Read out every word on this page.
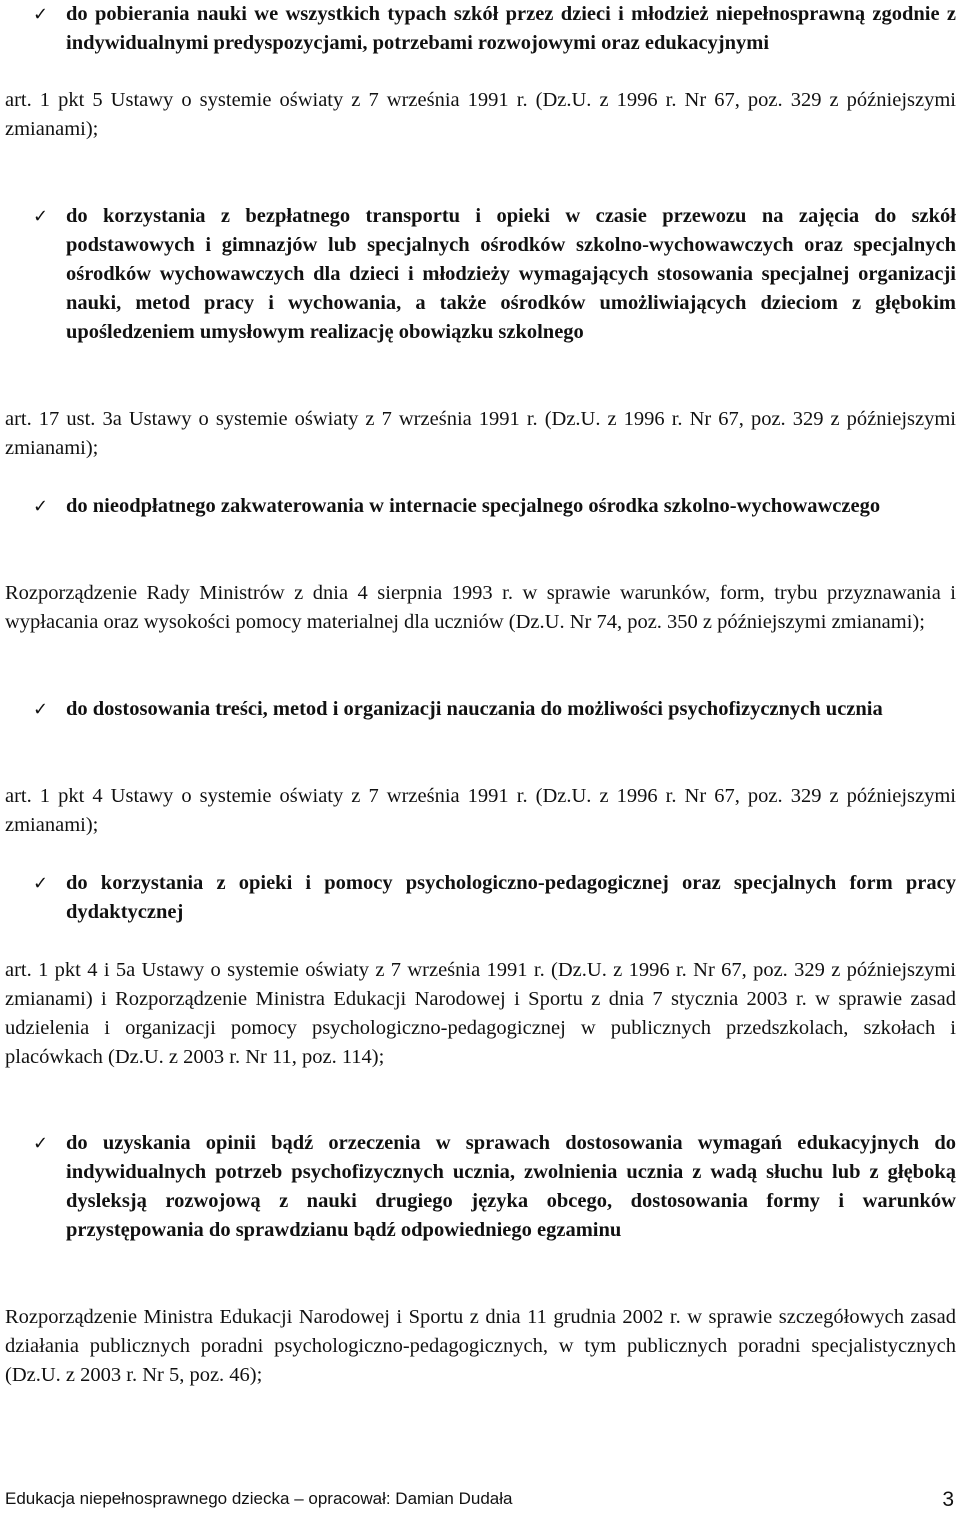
✓ do pobierania nauki we wszystkich typach szkół przez dzieci i młodzież niepełnosprawną zgodnie z indywidualnymi predyspozycjami, potrzebami rozwojowymi oraz edukacyjnymi
art. 1 pkt 5 Ustawy o systemie oświaty z 7 września 1991 r. (Dz.U. z 1996 r. Nr 67, poz. 329 z późniejszymi zmianami);
✓ do korzystania z bezpłatnego transportu i opieki w czasie przewozu na zajęcia do szkół podstawowych i gimnazjów lub specjalnych ośrodków szkolno-wychowawczych oraz specjalnych ośrodków wychowawczych dla dzieci i młodzieży wymagających stosowania specjalnej organizacji nauki, metod pracy i wychowania, a także ośrodków umożliwiających dzieciom z głębokim upośledzeniem umysłowym realizację obowiązku szkolnego
art. 17 ust. 3a Ustawy o systemie oświaty z 7 września 1991 r. (Dz.U. z 1996 r. Nr 67, poz. 329 z późniejszymi zmianami);
✓ do nieodpłatnego zakwaterowania w internacie specjalnego ośrodka szkolno-wychowawczego
Rozporządzenie Rady Ministrów z dnia 4 sierpnia 1993 r. w sprawie warunków, form, trybu przyznawania i wypłacania oraz wysokości pomocy materialnej dla uczniów (Dz.U. Nr 74, poz. 350 z późniejszymi zmianami);
✓ do dostosowania treści, metod i organizacji nauczania do możliwości psychofizycznych ucznia
art. 1 pkt 4 Ustawy o systemie oświaty z 7 września 1991 r. (Dz.U. z 1996 r. Nr 67, poz. 329 z późniejszymi zmianami);
✓ do korzystania z opieki i pomocy psychologiczno-pedagogicznej oraz specjalnych form pracy dydaktycznej
art. 1 pkt 4 i 5a Ustawy o systemie oświaty z 7 września 1991 r. (Dz.U. z 1996 r. Nr 67, poz. 329 z późniejszymi zmianami) i Rozporządzenie Ministra Edukacji Narodowej i Sportu z dnia 7 stycznia 2003 r. w sprawie zasad udzielenia i organizacji pomocy psychologiczno-pedagogicznej w publicznych przedszkolach, szkołach i placówkach (Dz.U. z 2003 r. Nr 11, poz. 114);
✓ do uzyskania opinii bądź orzeczenia w sprawach dostosowania wymagań edukacyjnych do indywidualnych potrzeb psychofizycznych ucznia, zwolnienia ucznia z wadą słuchu lub z głęboką dysleksją rozwojową z nauki drugiego języka obcego, dostosowania formy i warunków przystępowania do sprawdzianu bądź odpowiedniego egzaminu
Rozporządzenie Ministra Edukacji Narodowej i Sportu z dnia 11 grudnia 2002 r. w sprawie szczegółowych zasad działania publicznych poradni psychologiczno-pedagogicznych, w tym publicznych poradni specjalistycznych (Dz.U. z 2003 r. Nr 5, poz. 46);
Edukacja niepełnosprawnego dziecka – opracował: Damian Dudała	3
